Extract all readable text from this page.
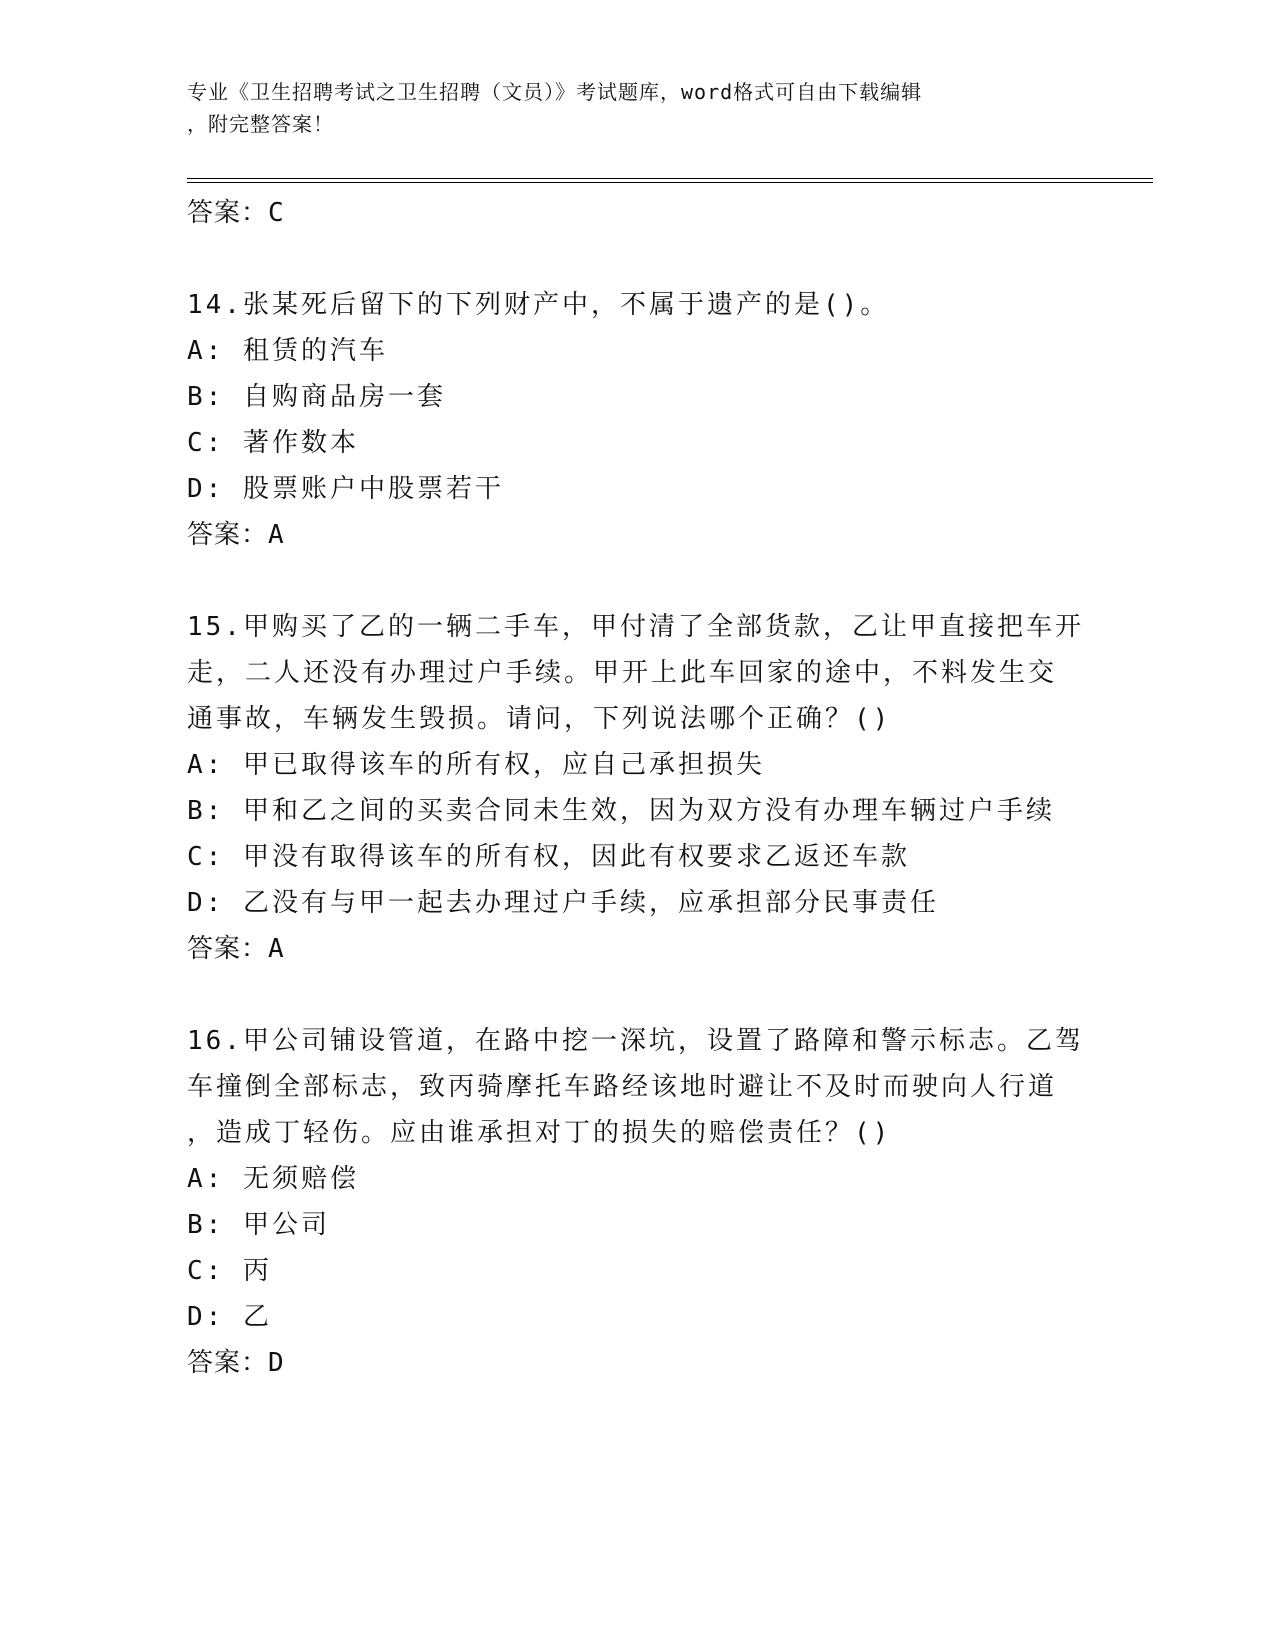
专业《卫生招聘考试之卫生招聘（文员）》考试题库，word格式可自由下载编辑
，附完整答案！

答案：C

14.张某死后留下的下列财产中，不属于遗产的是()。

A: 租赁的汽车

B: 自购商品房一套

C: 著作数本

D: 股票账户中股票若干

答案：A

15.甲购买了乙的一辆二手车，甲付清了全部货款，乙让甲直接把车开

走，二人还没有办理过户手续。甲开上此车回家的途中，不料发生交

通事故，车辆发生毁损。请问，下列说法哪个正确？()

A: 甲已取得该车的所有权，应自己承担损失

B: 甲和乙之间的买卖合同未生效，因为双方没有办理车辆过户手续

C: 甲没有取得该车的所有权，因此有权要求乙返还车款

D: 乙没有与甲一起去办理过户手续，应承担部分民事责任

答案：A

16.甲公司铺设管道，在路中挖一深坑，设置了路障和警示标志。乙驾

车撞倒全部标志，致丙骑摩托车路经该地时避让不及时而驶向人行道

，造成丁轻伤。应由谁承担对丁的损失的赔偿责任？()

A: 无须赔偿

B: 甲公司

C: 丙

D: 乙

答案：D
